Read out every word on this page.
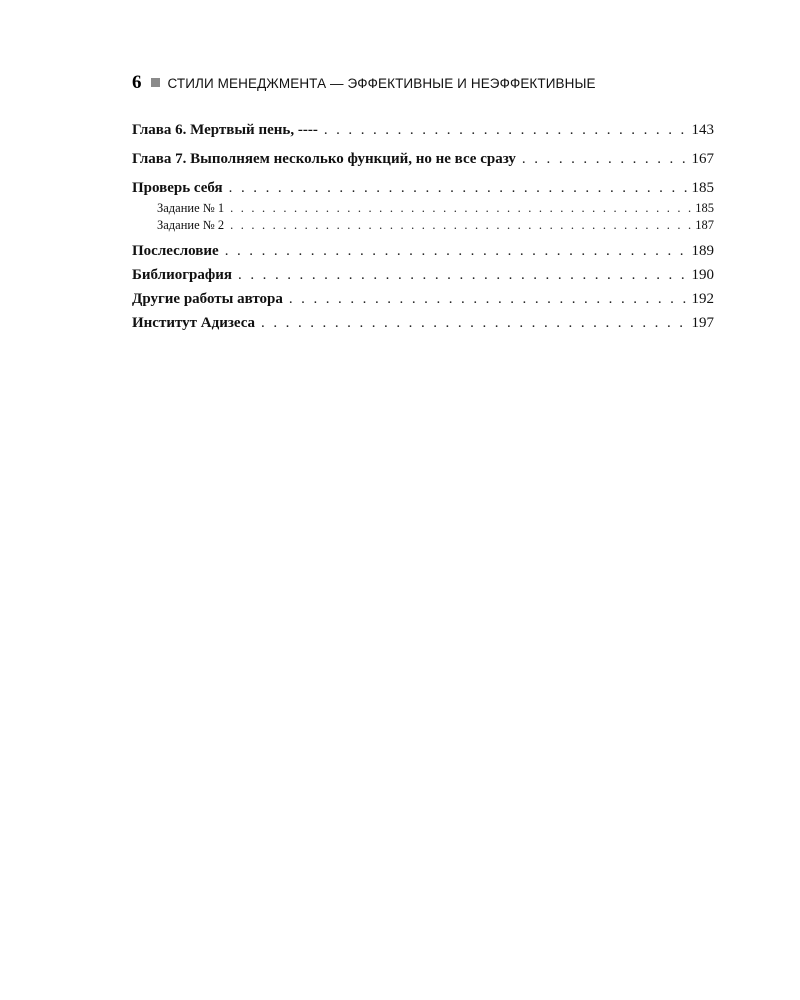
6 СТИЛИ МЕНЕДЖМЕНТА — ЭФФЕКТИВНЫЕ И НЕЭФФЕКТИВНЫЕ
Глава 6. Мертвый пень, ---- . . .	143
Глава 7. Выполняем несколько функций, но не все сразу . . .	167
Проверь себя . . .	185
Задание № 1 . . .	185
Задание № 2 . . .	187
Послесловие . . .	189
Библиография . . .	190
Другие работы автора . . .	192
Институт Адизеса . . .	197
